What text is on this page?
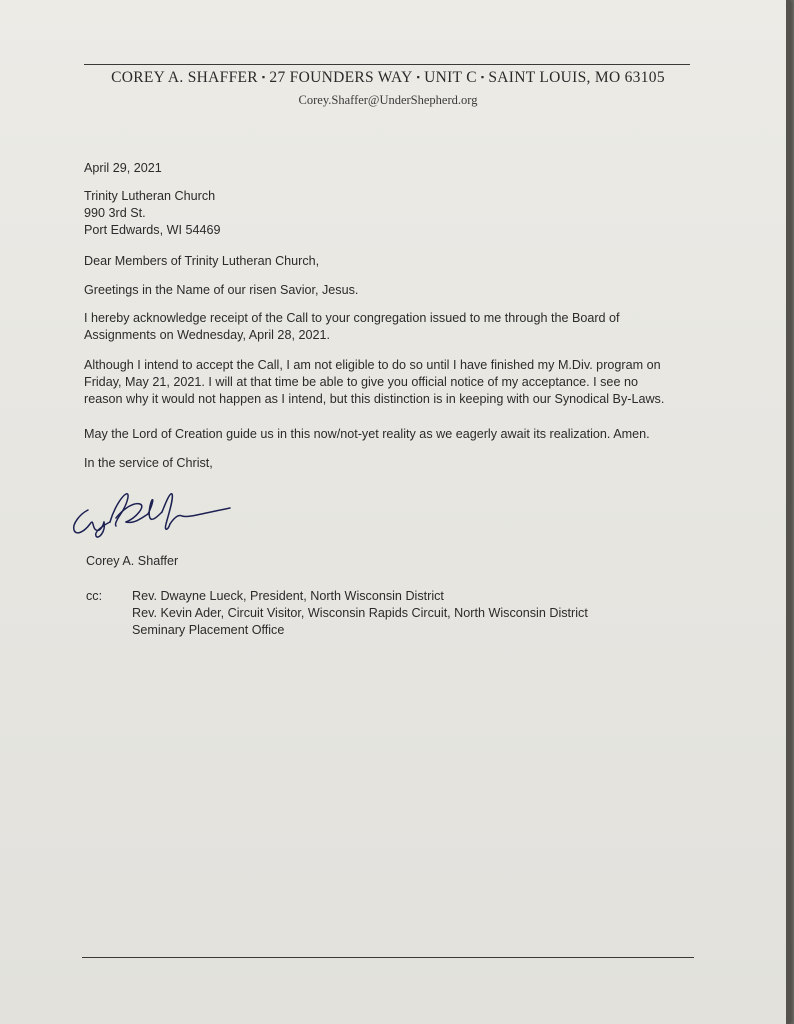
COREY A. SHAFFER ▪ 27 FOUNDERS WAY ▪ UNIT C ▪ SAINT LOUIS, MO 63105
Corey.Shaffer@UnderShepherd.org
April 29, 2021
Trinity Lutheran Church
990 3rd St.
Port Edwards, WI 54469
Dear Members of Trinity Lutheran Church,
Greetings in the Name of our risen Savior, Jesus.
I hereby acknowledge receipt of the Call to your congregation issued to me through the Board of
Assignments on Wednesday, April 28, 2021.
Although I intend to accept the Call, I am not eligible to do so until I have finished my M.Div. program on
Friday, May 21, 2021. I will at that time be able to give you official notice of my acceptance. I see no
reason why it would not happen as I intend, but this distinction is in keeping with our Synodical By-Laws.
May the Lord of Creation guide us in this now/not-yet reality as we eagerly await its realization. Amen.
In the service of Christ,
Corey A. Shaffer
cc: Rev. Dwayne Lueck, President, North Wisconsin District
Rev. Kevin Ader, Circuit Visitor, Wisconsin Rapids Circuit, North Wisconsin District
Seminary Placement Office
